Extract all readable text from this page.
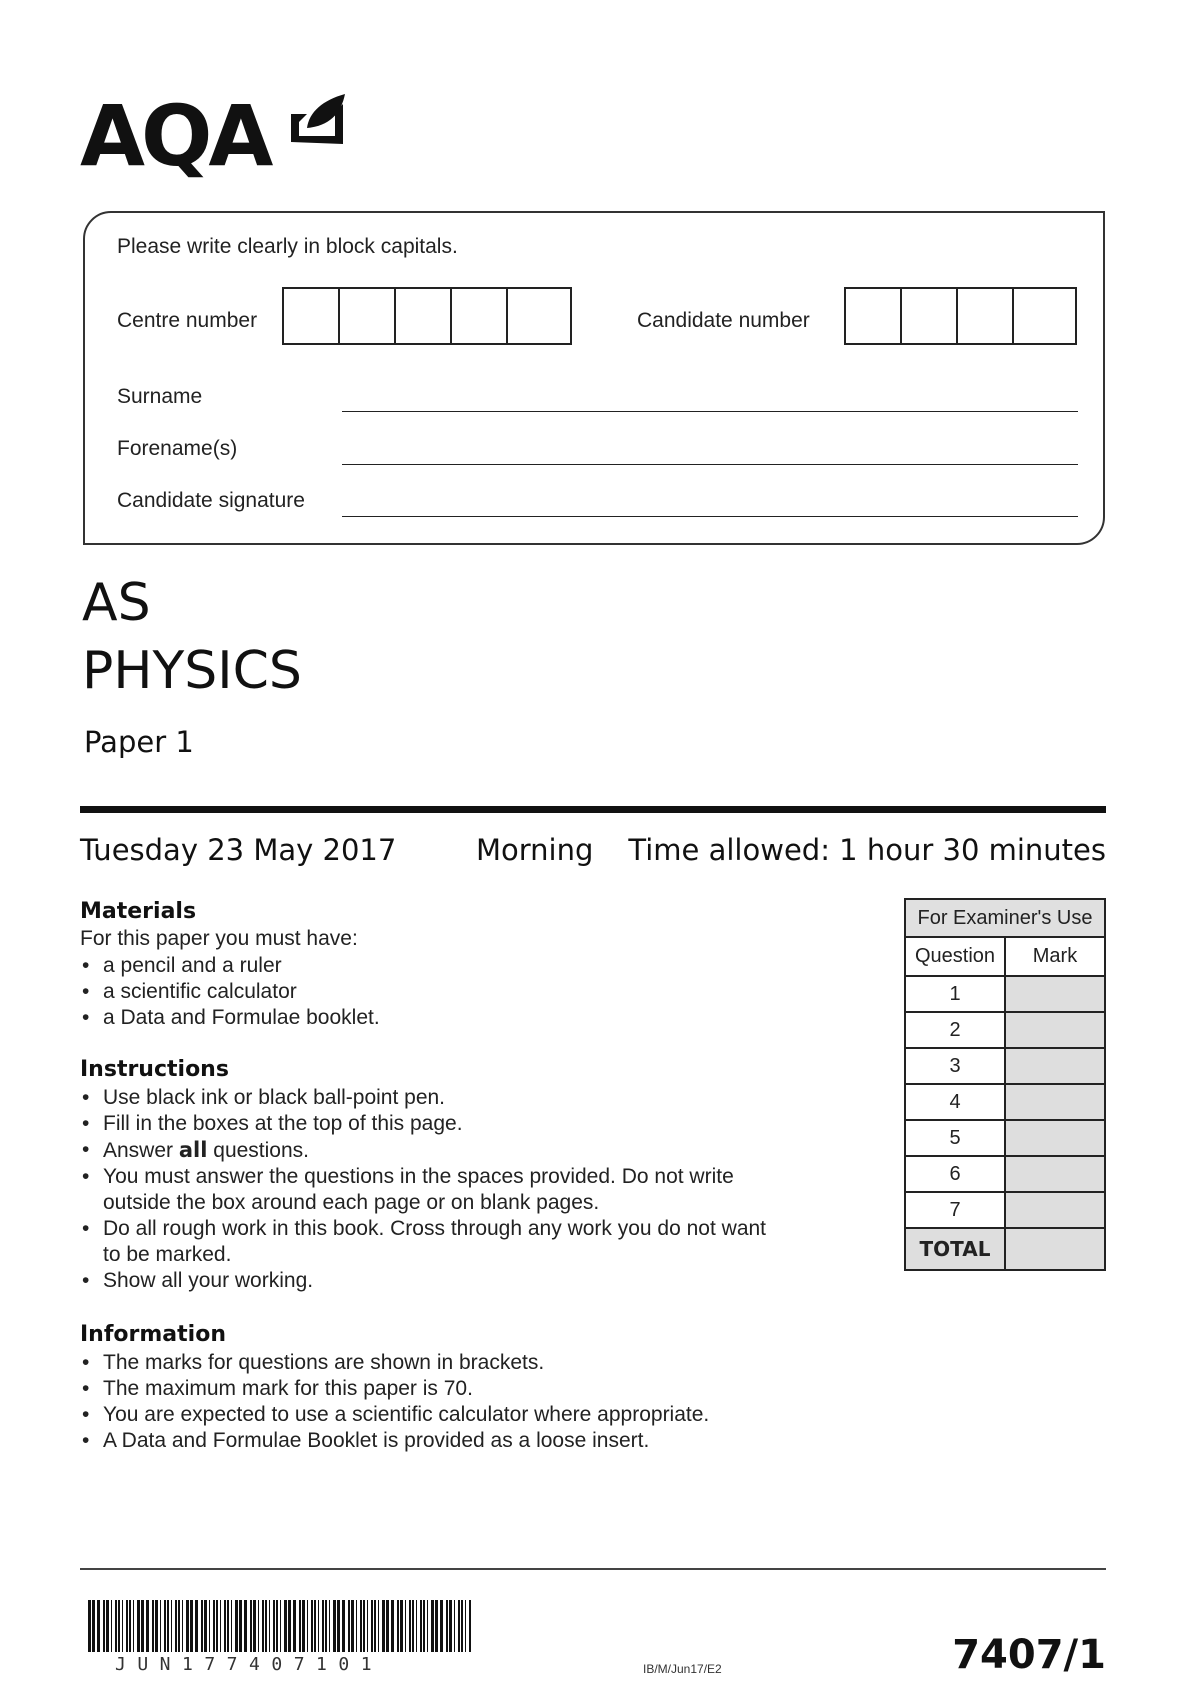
AQA
Please write clearly in block capitals.
Centre number	Candidate number
Surname
Forename(s)
Candidate signature
AS
PHYSICS
Paper 1
Tuesday 23 May 2017	Morning Time allowed: 1 hour 30 minutes
Materials
For this paper you must have:
• a pencil and a ruler
• a scientific calculator
• a Data and Formulae booklet.
Instructions
• Use black ink or black ball-point pen.
• Fill in the boxes at the top of this page.
• Answer all questions.
• You must answer the questions in the spaces provided. Do not write
outside the box around each page or on blank pages.
• Do all rough work in this book. Cross through any work you do not want
to be marked.
• Show all your working.
Information
• The marks for questions are shown in brackets.
• The maximum mark for this paper is 70.
• You are expected to use a scientific calculator where appropriate.
• A Data and Formulae Booklet is provided as a loose insert.
For Examiner's Use	
Question	Mark
1	
2	
3	
4	
5	
6	
7	
TOTAL	
JUN177407101	IB/M/Jun17/E2	7407/1
